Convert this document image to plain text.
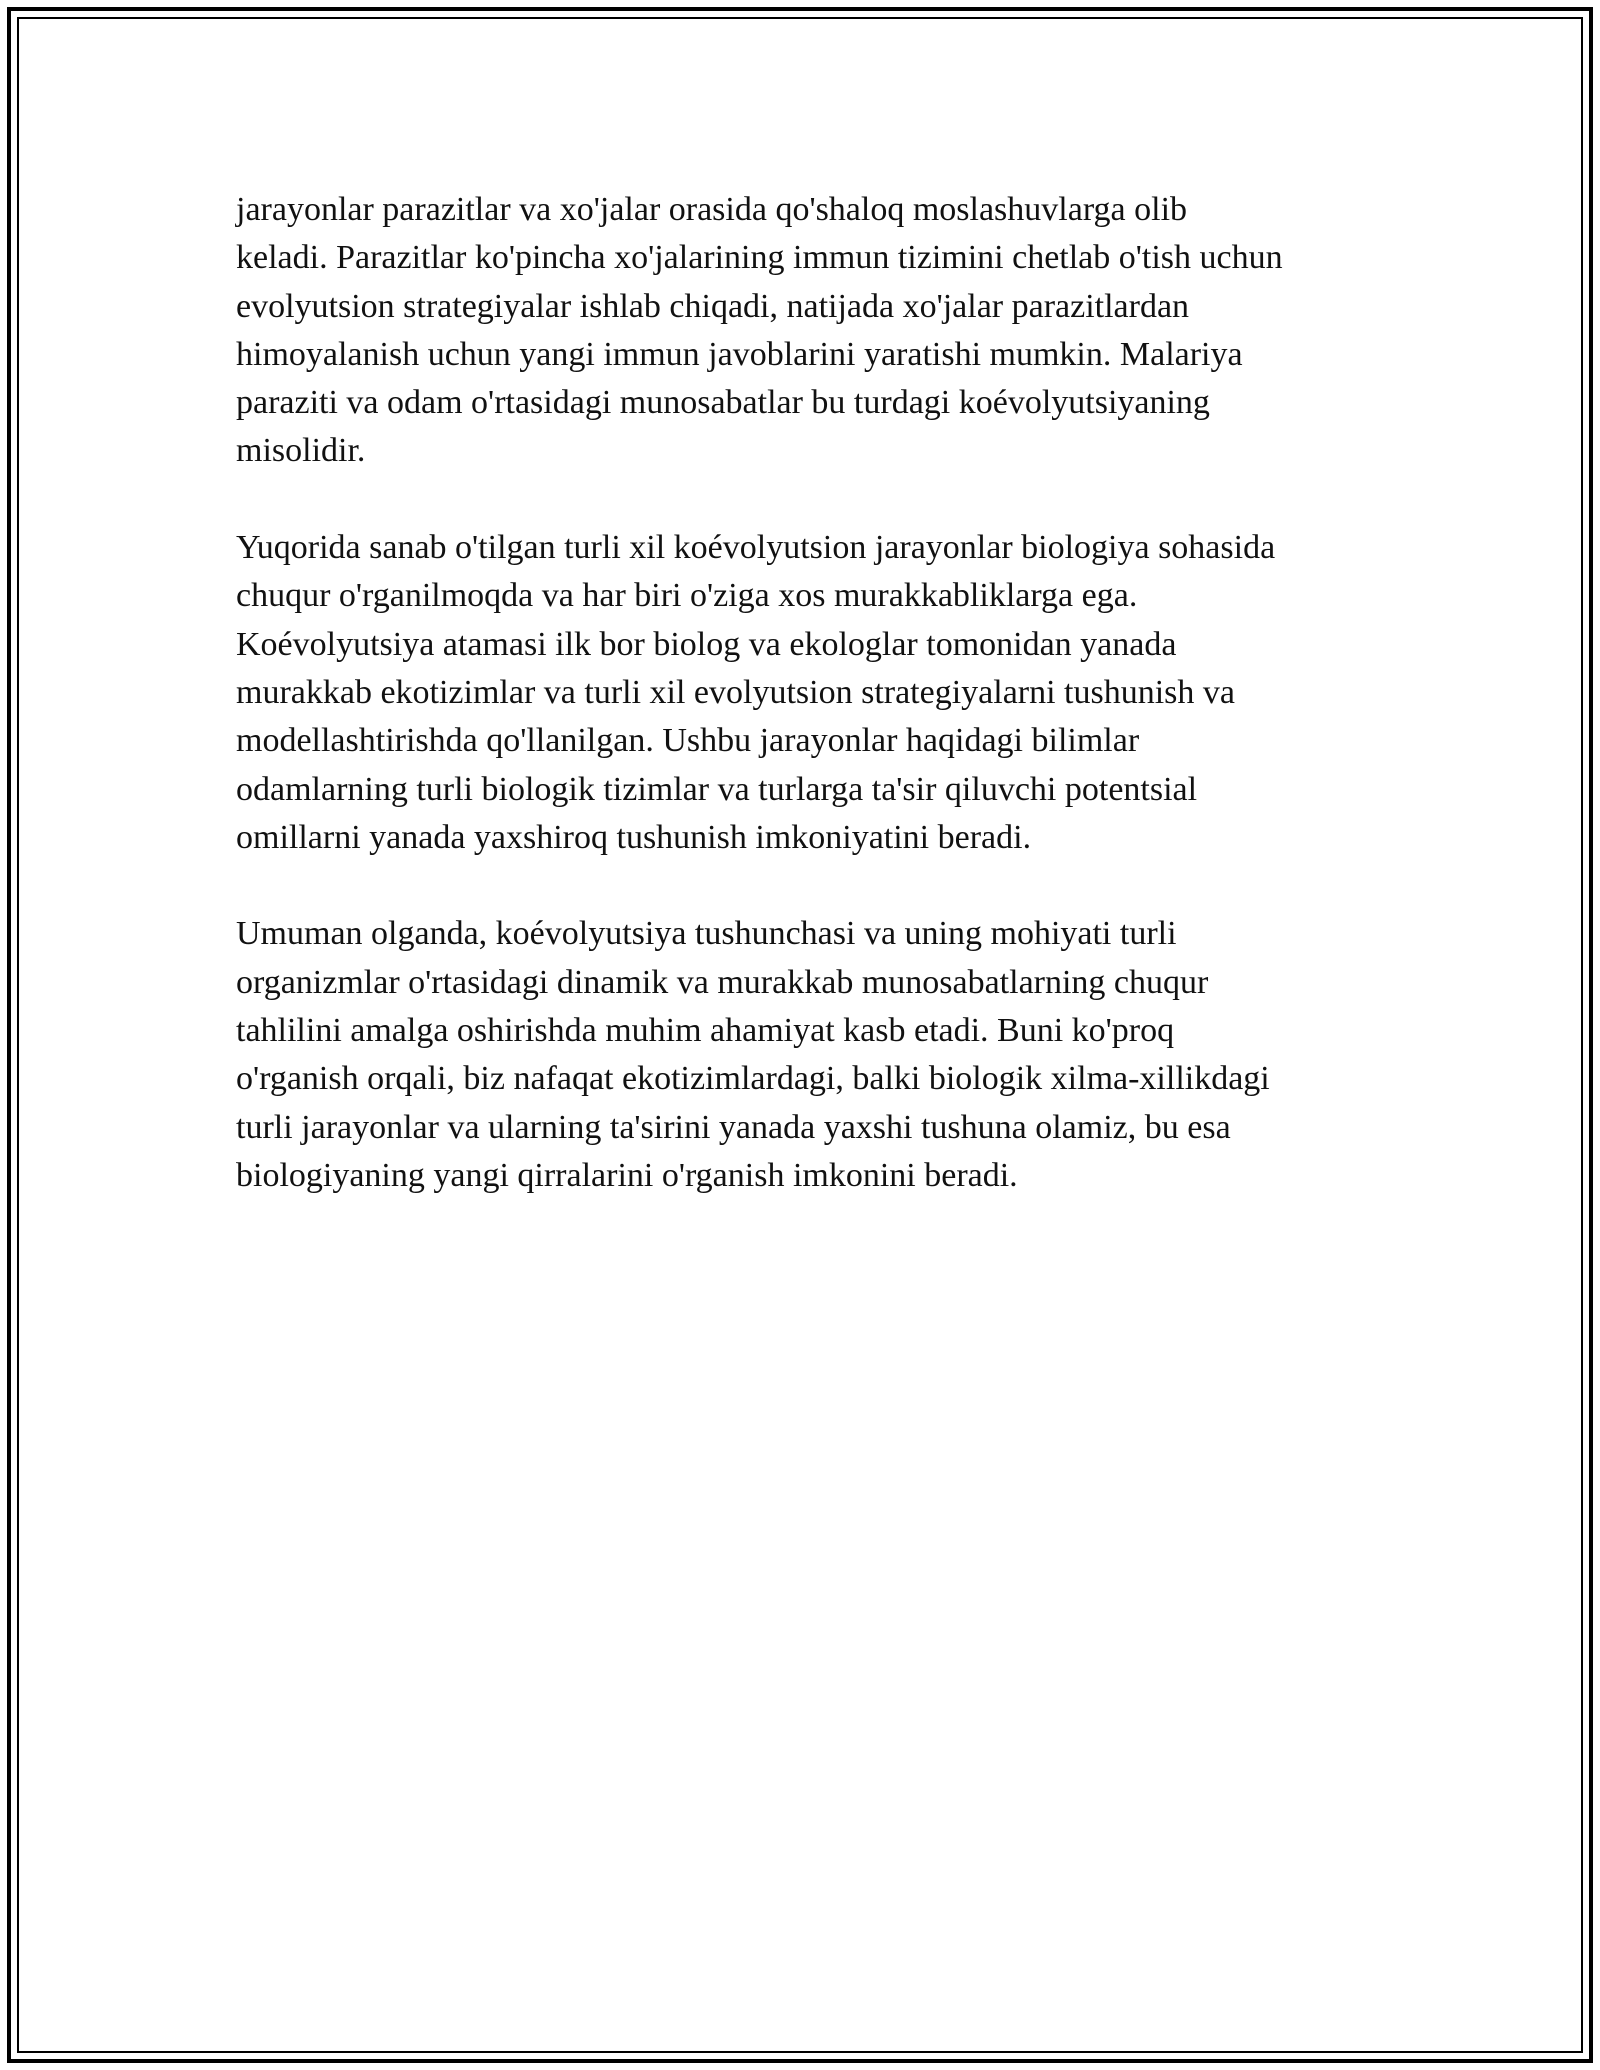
jarayonlar parazitlar va xo'jalar orasida qo'shaloq moslashuvlarga olib
keladi. Parazitlar ko'pincha xo'jalarining immun tizimini chetlab o'tish uchun
evolyutsion strategiyalar ishlab chiqadi, natijada xo'jalar parazitlardan
himoyalanish uchun yangi immun javoblarini yaratishi mumkin. Malariya
paraziti va odam o'rtasidagi munosabatlar bu turdagi koévolyutsiyaning
misolidir.

Yuqorida sanab o'tilgan turli xil koévolyutsion jarayonlar biologiya sohasida
chuqur o'rganilmoqda va har biri o'ziga xos murakkabliklarga ega.
Koévolyutsiya atamasi ilk bor biolog va ekologlar tomonidan yanada
murakkab ekotizimlar va turli xil evolyutsion strategiyalarni tushunish va
modellashtirishda qo'llanilgan. Ushbu jarayonlar haqidagi bilimlar
odamlarning turli biologik tizimlar va turlarga ta'sir qiluvchi potentsial
omillarni yanada yaxshiroq tushunish imkoniyatini beradi.

Umuman olganda, koévolyutsiya tushunchasi va uning mohiyati turli
organizmlar o'rtasidagi dinamik va murakkab munosabatlarning chuqur
tahlilini amalga oshirishda muhim ahamiyat kasb etadi. Buni ko'proq
o'rganish orqali, biz nafaqat ekotizimlardagi, balki biologik xilma-xillikdagi
turli jarayonlar va ularning ta'sirini yanada yaxshi tushuna olamiz, bu esa
biologiyaning yangi qirralarini o'rganish imkonini beradi.
